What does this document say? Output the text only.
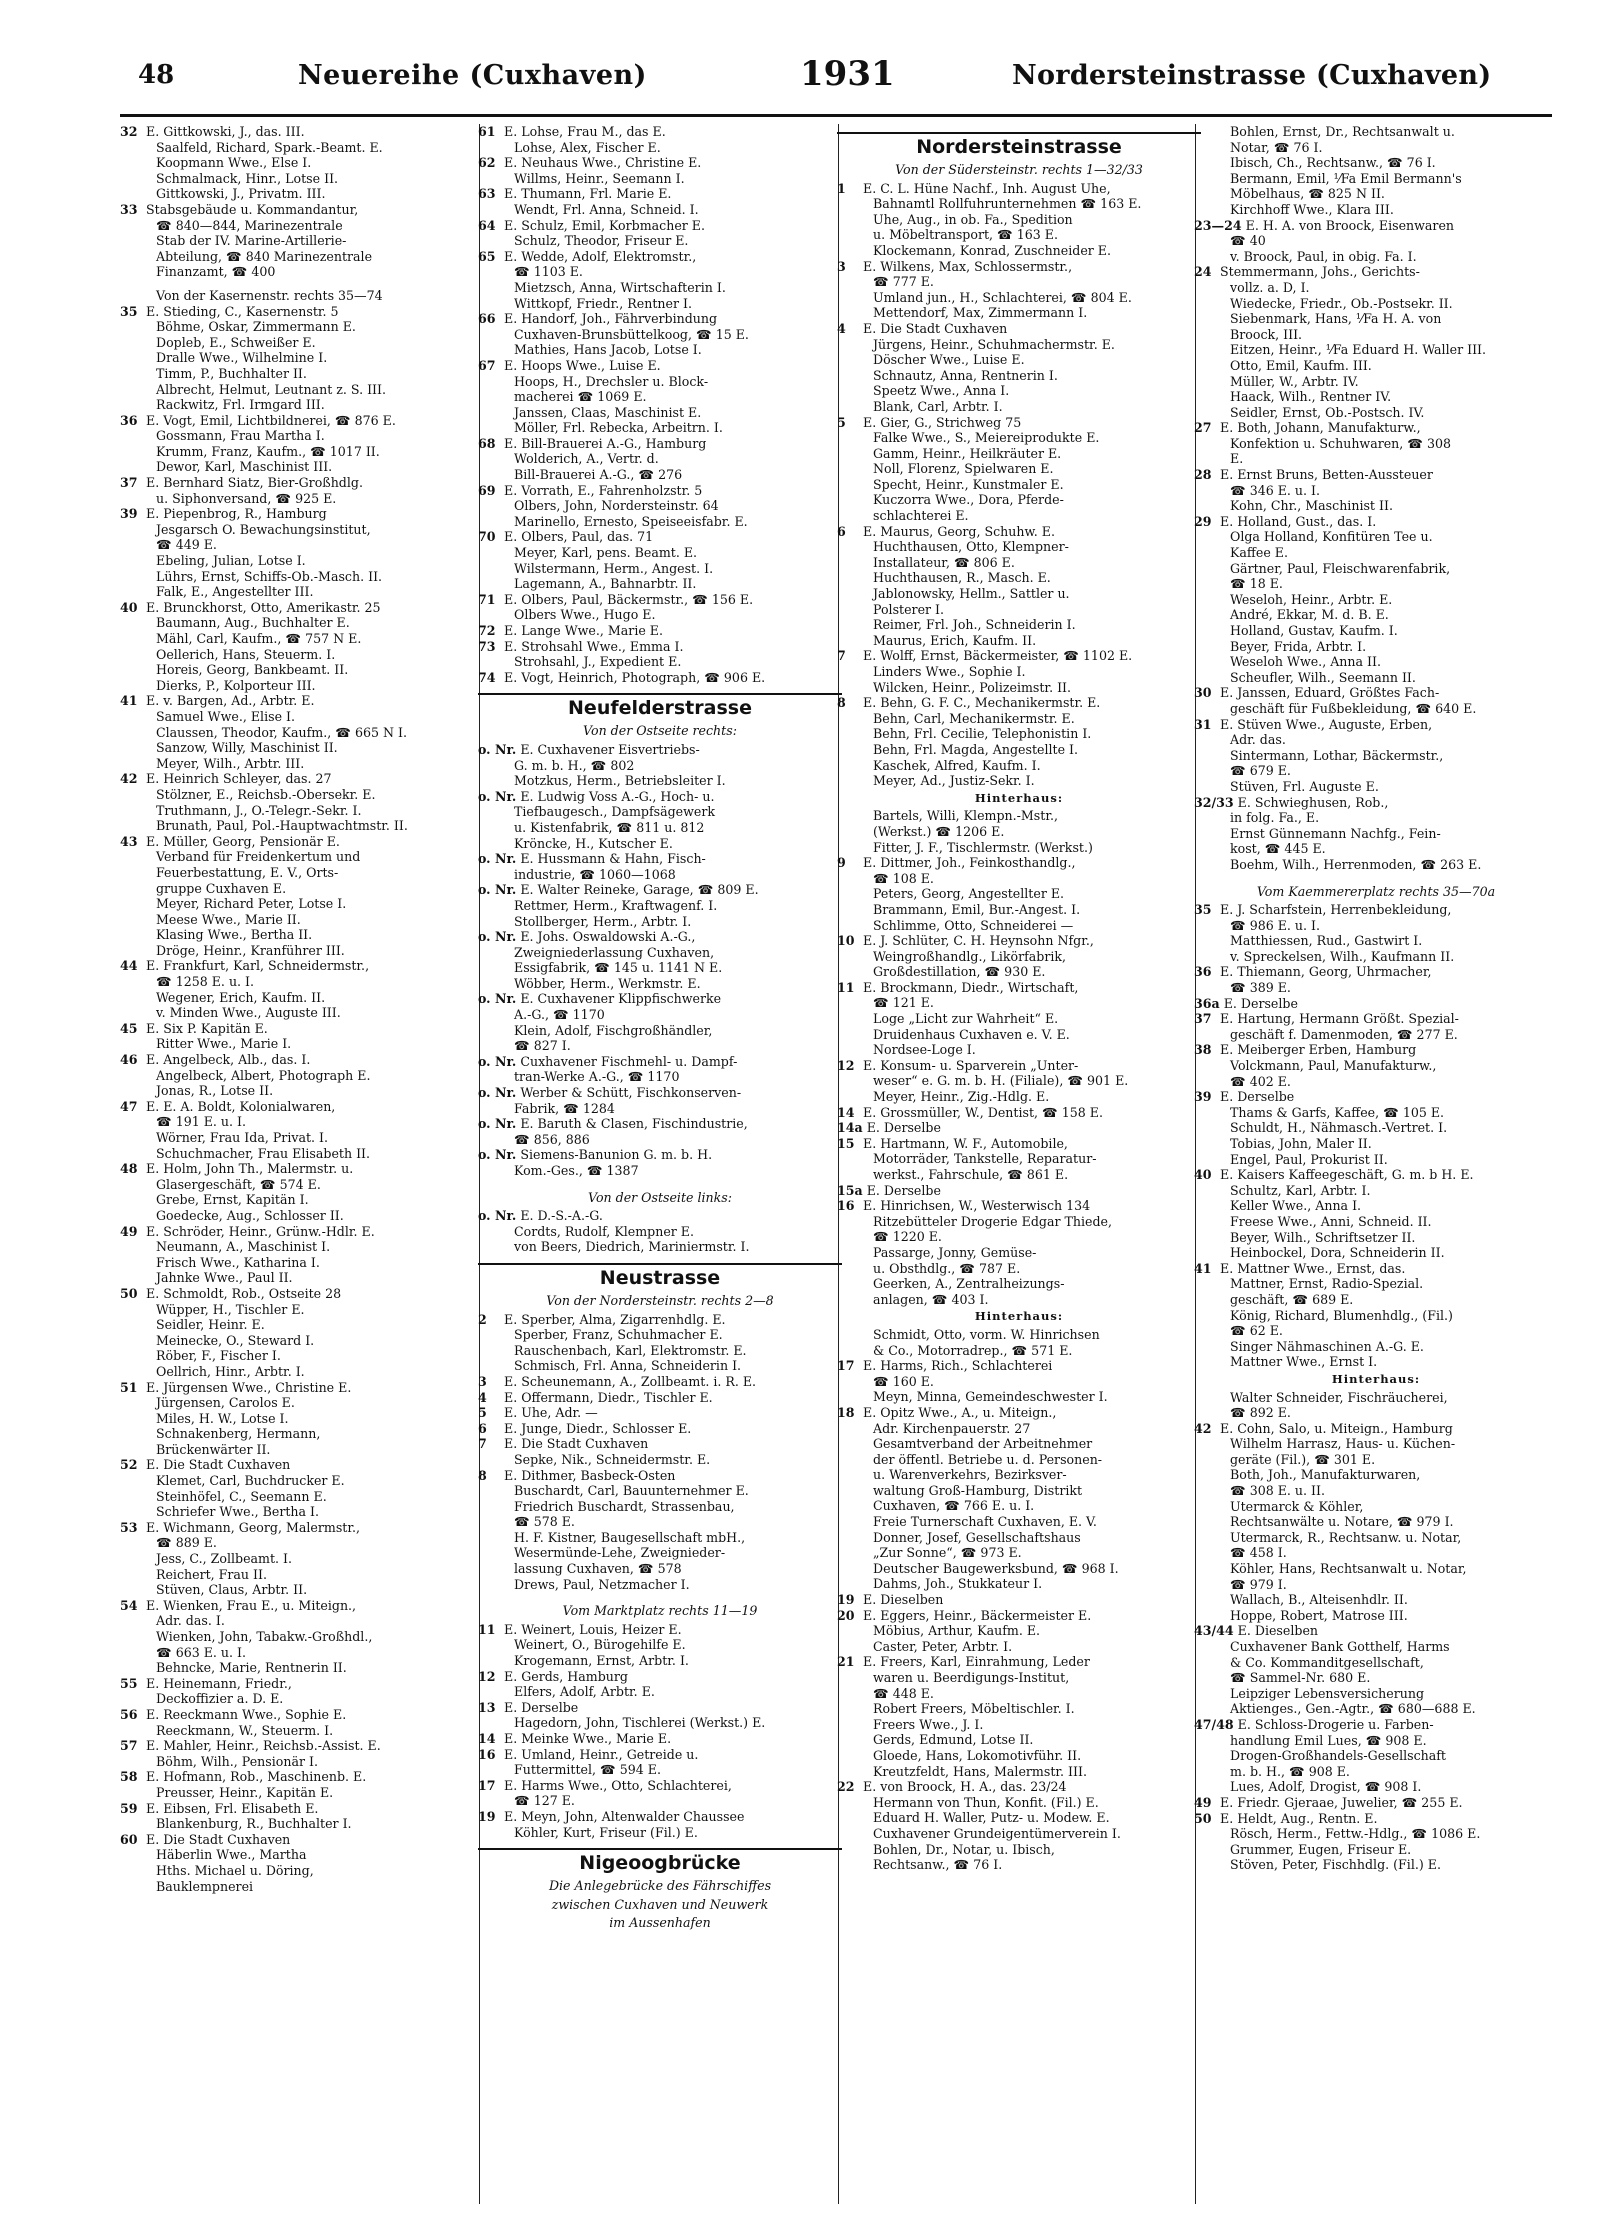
48	Neuereihe (Cuxhaven)	1931	Nordersteinstrasse (Cuxhaven)
32 E. Gittkowski, J., das. III.
Saalfeld, Richard, Spark.-Beamt. E.
Koopmann Wwe., Else I.
Schmalmack, Hinr., Lotse II.
Gittkowski, J., Privatm. III.
33 Stabsgebäude u. Kommandantur,
☎ 840—844, Marinezentrale
Stab der IV. Marine-Artillerie-
Abteilung, ☎ 840 Marinezentrale
Finanzamt, ☎ 400
Von der Kasernenstr. rechts 35—74
35 E. Stieding, C., Kasernenstr. 5
Böhme, Oskar, Zimmermann E.
Dopleb, E., Schweißer E.
Dralle Wwe., Wilhelmine I.
Timm, P., Buchhalter II.
Albrecht, Helmut, Leutnant z. S. III.
Rackwitz, Frl. Irmgard III.
36 E. Vogt, Emil, Lichtbildnerei, ☎ 876 E.
Gossmann, Frau Martha I.
Krumm, Franz, Kaufm., ☎ 1017 II.
Dewor, Karl, Maschinist III.
37 E. Bernhard Siatz, Bier-Großhdlg.
u. Siphonversand, ☎ 925 E.
39 E. Piepenbrog, R., Hamburg
Jesgarsch O. Bewachungsinstitut,
☎ 449 E.
Ebeling, Julian, Lotse I.
Lührs, Ernst, Schiffs-Ob.-Masch. II.
Falk, E., Angestellter III.
40 E. Brunckhorst, Otto, Amerikastr. 25
Baumann, Aug., Buchhalter E.
Mähl, Carl, Kaufm., ☎ 757 N E.
Oellerich, Hans, Steuerm. I.
Horeis, Georg, Bankbeamt. II.
Dierks, P., Kolporteur III.
41 E. v. Bargen, Ad., Arbtr. E.
Samuel Wwe., Elise I.
Claussen, Theodor, Kaufm., ☎ 665 N I.
Sanzow, Willy, Maschinist II.
Meyer, Wilh., Arbtr. III.
42 E. Heinrich Schleyer, das. 27
Stölzner, E., Reichsb.-Obersekr. E.
Truthmann, J., O.-Telegr.-Sekr. I.
Brunath, Paul, Pol.-Hauptwachtmstr. II.
43 E. Müller, Georg, Pensionär E.
Verband für Freidenkertum und
Feuerbestattung, E. V., Orts-
gruppe Cuxhaven E.
Meyer, Richard Peter, Lotse I.
Meese Wwe., Marie II.
Klasing Wwe., Bertha II.
Dröge, Heinr., Kranführer III.
44 E. Frankfurt, Karl, Schneidermstr.,
☎ 1258 E. u. I.
Wegener, Erich, Kaufm. II.
v. Minden Wwe., Auguste III.
45 E. Six P. Kapitän E.
Ritter Wwe., Marie I.
46 E. Angelbeck, Alb., das. I.
Angelbeck, Albert, Photograph E.
Jonas, R., Lotse II.
47 E. E. A. Boldt, Kolonialwaren,
☎ 191 E. u. I.
Wörner, Frau Ida, Privat. I.
Schuchmacher, Frau Elisabeth II.
48 E. Holm, John Th., Malermstr. u.
Glasergeschäft, ☎ 574 E.
Grebe, Ernst, Kapitän I.
Goedecke, Aug., Schlosser II.
49 E. Schröder, Heinr., Grünw.-Hdlr. E.
Neumann, A., Maschinist I.
Frisch Wwe., Katharina I.
Jahnke Wwe., Paul II.
50 E. Schmoldt, Rob., Ostseite 28
Wüpper, H., Tischler E.
Seidler, Heinr. E.
Meinecke, O., Steward I.
Röber, F., Fischer I.
Oellrich, Hinr., Arbtr. I.
51 E. Jürgensen Wwe., Christine E.
Jürgensen, Carolos E.
Miles, H. W., Lotse I.
Schnakenberg, Hermann,
Brückenwärter II.
52 E. Die Stadt Cuxhaven
Klemet, Carl, Buchdrucker E.
Steinhöfel, C., Seemann E.
Schriefer Wwe., Bertha I.
53 E. Wichmann, Georg, Malermstr.,
☎ 889 E.
Jess, C., Zollbeamt. I.
Reichert, Frau II.
Stüven, Claus, Arbtr. II.
54 E. Wienken, Frau E., u. Miteign.,
Adr. das. I.
Wienken, John, Tabakw.-Großhdl.,
☎ 663 E. u. I.
Behncke, Marie, Rentnerin II.
55 E. Heinemann, Friedr.,
Deckoffizier a. D. E.
56 E. Reeckmann Wwe., Sophie E.
Reeckmann, W., Steuerm. I.
57 E. Mahler, Heinr., Reichsb.-Assist. E.
Böhm, Wilh., Pensionär I.
58 E. Hofmann, Rob., Maschinenb. E.
Preusser, Heinr., Kapitän E.
59 E. Eibsen, Frl. Elisabeth E.
Blankenburg, R., Buchhalter I.
60 E. Die Stadt Cuxhaven
Häberlin Wwe., Martha
Hths. Michael u. Döring,
Bauklempnerei
61 E. Lohse, Frau M., das E.
Lohse, Alex, Fischer E.
62 E. Neuhaus Wwe., Christine E.
Willms, Heinr., Seemann I.
63 E. Thumann, Frl. Marie E.
Wendt, Frl. Anna, Schneid. I.
64 E. Schulz, Emil, Korbmacher E.
Schulz, Theodor, Friseur E.
65 E. Wedde, Adolf, Elektromstr.,
☎ 1103 E.
Mietzsch, Anna, Wirtschafterin I.
Wittkopf, Friedr., Rentner I.
66 E. Handorf, Joh., Fährverbindung
Cuxhaven-Brunsbüttelkoog, ☎ 15 E.
Mathies, Hans Jacob, Lotse I.
67 E. Hoops Wwe., Luise E.
Hoops, H., Drechsler u. Block-
macherei ☎ 1069 E.
Janssen, Claas, Maschinist E.
Möller, Frl. Rebecka, Arbeitrn. I.
68 E. Bill-Brauerei A.-G., Hamburg
Wolderich, A., Vertr. d.
Bill-Brauerei A.-G., ☎ 276
69 E. Vorrath, E., Fahrenholzstr. 5
Olbers, John, Nordersteinstr. 64
Marinello, Ernesto, Speiseeisfabr. E.
70 E. Olbers, Paul, das. 71
Meyer, Karl, pens. Beamt. E.
Wilstermann, Herm., Angest. I.
Lagemann, A., Bahnarbtr. II.
71 E. Olbers, Paul, Bäckermstr., ☎ 156 E.
Olbers Wwe., Hugo E.
72 E. Lange Wwe., Marie E.
73 E. Strohsahl Wwe., Emma I.
Strohsahl, J., Expedient E.
74 E. Vogt, Heinrich, Photograph, ☎ 906 E.
Neufelderstrasse
Von der Ostseite rechts:
o. Nr. E. Cuxhavener Eisvertriebs-
G. m. b. H., ☎ 802
Motzkus, Herm., Betriebsleiter I.
o. Nr. E. Ludwig Voss A.-G., Hoch- u.
Tiefbaugesch., Dampfsägewerk
u. Kistenfabrik, ☎ 811 u. 812
Kröncke, H., Kutscher E.
o. Nr. E. Hussmann & Hahn, Fisch-
industrie, ☎ 1060—1068
o. Nr. E. Walter Reineke, Garage, ☎ 809 E.
Rettmer, Herm., Kraftwagenf. I.
Stollberger, Herm., Arbtr. I.
o. Nr. E. Johs. Oswaldowski A.-G.,
Zweigniederlassung Cuxhaven,
Essigfabrik, ☎ 145 u. 1141 N E.
Wöbber, Herm., Werkmstr. E.
o. Nr. E. Cuxhavener Klippfischwerke
A.-G., ☎ 1170
Klein, Adolf, Fischgroßhändler,
☎ 827 I.
o. Nr. Cuxhavener Fischmehl- u. Dampf-
tran-Werke A.-G., ☎ 1170
o. Nr. Werber & Schütt, Fischkonserven-
Fabrik, ☎ 1284
o. Nr. E. Baruth & Clasen, Fischindustrie,
☎ 856, 886
o. Nr. Siemens-Banunion G. m. b. H.
Kom.-Ges., ☎ 1387
Von der Ostseite links:
o. Nr. E. D.-S.-A.-G.
Cordts, Rudolf, Klempner E.
von Beers, Diedrich, Mariniermstr. I.
Neustrasse
Von der Nordersteinstr. rechts 2—8
2 E. Sperber, Alma, Zigarrenhdlg. E.
Sperber, Franz, Schuhmacher E.
Rauschenbach, Karl, Elektromstr. E.
Schmisch, Frl. Anna, Schneiderin I.
3 E. Scheunemann, A., Zollbeamt. i. R. E.
4 E. Offermann, Diedr., Tischler E.
5 E. Uhe, Adr. —
6 E. Junge, Diedr., Schlosser E.
7 E. Die Stadt Cuxhaven
Sepke, Nik., Schneidermstr. E.
8 E. Dithmer, Basbeck-Osten
Buschardt, Carl, Bauunternehmer E.
Friedrich Buschardt, Strassenbau,
☎ 578 E.
H. F. Kistner, Baugesellschaft mbH.,
Wesermünde-Lehe, Zweignieder-
lassung Cuxhaven, ☎ 578
Drews, Paul, Netzmacher I.
Vom Marktplatz rechts 11—19
11 E. Weinert, Louis, Heizer E.
Weinert, O., Bürogehilfe E.
Krogemann, Ernst, Arbtr. I.
12 E. Gerds, Hamburg
Elfers, Adolf, Arbtr. E.
13 E. Derselbe
Hagedorn, John, Tischlerei (Werkst.) E.
14 E. Meinke Wwe., Marie E.
16 E. Umland, Heinr., Getreide u.
Futtermittel, ☎ 594 E.
17 E. Harms Wwe., Otto, Schlachterei,
☎ 127 E.
19 E. Meyn, John, Altenwalder Chaussee
Köhler, Kurt, Friseur (Fil.) E.
Nigeoogbrücke
Die Anlegebrücke des Fährschiffes
zwischen Cuxhaven und Neuwerk
im Aussenhafen
Nordersteinstrasse
Von der Südersteinstr. rechts 1—32/33
1 E. C. L. Hüne Nachf., Inh. August Uhe,
Bahnamtl Rollfuhrunternehmen ☎ 163 E.
Uhe, Aug., in ob. Fa., Spedition
u. Möbeltransport, ☎ 163 E.
Klockemann, Konrad, Zuschneider E.
3 E. Wilkens, Max, Schlossermstr.,
☎ 777 E.
Umland jun., H., Schlachterei, ☎ 804 E.
Mettendorf, Max, Zimmermann I.
4 E. Die Stadt Cuxhaven
Jürgens, Heinr., Schuhmachermstr. E.
Döscher Wwe., Luise E.
Schnautz, Anna, Rentnerin I.
Speetz Wwe., Anna I.
Blank, Carl, Arbtr. I.
5 E. Gier, G., Strichweg 75
Falke Wwe., S., Meiereiprodukte E.
Gamm, Heinr., Heilkräuter E.
Noll, Florenz, Spielwaren E.
Specht, Heinr., Kunstmaler E.
Kuczorra Wwe., Dora, Pferde-
schlachterei E.
6 E. Maurus, Georg, Schuhw. E.
Huchthausen, Otto, Klempner-
Installateur, ☎ 806 E.
Huchthausen, R., Masch. E.
Jablonowsky, Hellm., Sattler u.
Polsterer I.
Reimer, Frl. Joh., Schneiderin I.
Maurus, Erich, Kaufm. II.
7 E. Wolff, Ernst, Bäckermeister, ☎ 1102 E.
Linders Wwe., Sophie I.
Wilcken, Heinr., Polizeimstr. II.
8 E. Behn, G. F. C., Mechanikermstr. E.
Behn, Carl, Mechanikermstr. E.
Behn, Frl. Cecilie, Telephonistin I.
Behn, Frl. Magda, Angestellte I.
Kaschek, Alfred, Kaufm. I.
Meyer, Ad., Justiz-Sekr. I.
Hinterhaus:
Bartels, Willi, Klempn.-Mstr.,
(Werkst.) ☎ 1206 E.
Fitter, J. F., Tischlermstr. (Werkst.)
9 E. Dittmer, Joh., Feinkosthandlg.,
☎ 108 E.
Peters, Georg, Angestellter E.
Brammann, Emil, Bur.-Angest. I.
Schlimme, Otto, Schneiderei —
10 E. J. Schlüter, C. H. Heynsohn Nfgr.,
Weingroßhandlg., Likörfabrik,
Großdestillation, ☎ 930 E.
11 E. Brockmann, Diedr., Wirtschaft,
☎ 121 E.
Loge „Licht zur Wahrheit“ E.
Druidenhaus Cuxhaven e. V. E.
Nordsee-Loge I.
12 E. Konsum- u. Sparverein „Unter-
weser“ e. G. m. b. H. (Filiale), ☎ 901 E.
Meyer, Heinr., Zig.-Hdlg. E.
14 E. Grossmüller, W., Dentist, ☎ 158 E.
14a E. Derselbe
15 E. Hartmann, W. F., Automobile,
Motorräder, Tankstelle, Reparatur-
werkst., Fahrschule, ☎ 861 E.
15a E. Derselbe
16 E. Hinrichsen, W., Westerwisch 134
Ritzebütteler Drogerie Edgar Thiede,
☎ 1220 E.
Passarge, Jonny, Gemüse-
u. Obsthdlg., ☎ 787 E.
Geerken, A., Zentralheizungs-
anlagen, ☎ 403 I.
Hinterhaus:
Schmidt, Otto, vorm. W. Hinrichsen
& Co., Motorradrep., ☎ 571 E.
17 E. Harms, Rich., Schlachterei
☎ 160 E.
Meyn, Minna, Gemeindeschwester I.
18 E. Opitz Wwe., A., u. Miteign.,
Adr. Kirchenpauerstr. 27
Gesamtverband der Arbeitnehmer
der öffentl. Betriebe u. d. Personen-
u. Warenverkehrs, Bezirksver-
waltung Groß-Hamburg, Distrikt
Cuxhaven, ☎ 766 E. u. I.
Freie Turnerschaft Cuxhaven, E. V.
Donner, Josef, Gesellschaftshaus
„Zur Sonne“, ☎ 973 E.
Deutscher Baugewerksbund, ☎ 968 I.
Dahms, Joh., Stukkateur I.
19 E. Dieselben
20 E. Eggers, Heinr., Bäckermeister E.
Möbius, Arthur, Kaufm. E.
Caster, Peter, Arbtr. I.
21 E. Freers, Karl, Einrahmung, Leder
waren u. Beerdigungs-Institut,
☎ 448 E.
Robert Freers, Möbeltischler. I.
Freers Wwe., J. I.
Gerds, Edmund, Lotse II.
Gloede, Hans, Lokomotivführ. II.
Kreutzfeldt, Hans, Malermstr. III.
22 E. von Broock, H. A., das. 23/24
Hermann von Thun, Konfit. (Fil.) E.
Eduard H. Waller, Putz- u. Modew. E.
Cuxhavener Grundeigentümerverein I.
Bohlen, Dr., Notar, u. Ibisch,
Rechtsanw., ☎ 76 I.
Bohlen, Ernst, Dr., Rechtsanwalt u.
Notar, ☎ 76 I.
Ibisch, Ch., Rechtsanw., ☎ 76 I.
Bermann, Emil, ⅟Fa Emil Bermann's
Möbelhaus, ☎ 825 N II.
Kirchhoff Wwe., Klara III.
23—24 E. H. A. von Broock, Eisenwaren
☎ 40
v. Broock, Paul, in obig. Fa. I.
24 Stemmermann, Johs., Gerichts-
vollz. a. D, I.
Wiedecke, Friedr., Ob.-Postsekr. II.
Siebenmark, Hans, ⅟Fa H. A. von
Broock, III.
Eitzen, Heinr., ⅟Fa Eduard H. Waller III.
Otto, Emil, Kaufm. III.
Müller, W., Arbtr. IV.
Haack, Wilh., Rentner IV.
Seidler, Ernst, Ob.-Postsch. IV.
27 E. Both, Johann, Manufakturw.,
Konfektion u. Schuhwaren, ☎ 308
E.
28 E. Ernst Bruns, Betten-Aussteuer
☎ 346 E. u. I.
Kohn, Chr., Maschinist II.
29 E. Holland, Gust., das. I.
Olga Holland, Konfitüren Tee u.
Kaffee E.
Gärtner, Paul, Fleischwarenfabrik,
☎ 18 E.
Weseloh, Heinr., Arbtr. E.
André, Ekkar, M. d. B. E.
Holland, Gustav, Kaufm. I.
Beyer, Frida, Arbtr. I.
Weseloh Wwe., Anna II.
Scheufler, Wilh., Seemann II.
30 E. Janssen, Eduard, Größtes Fach-
geschäft für Fußbekleidung, ☎ 640 E.
31 E. Stüven Wwe., Auguste, Erben,
Adr. das.
Sintermann, Lothar, Bäckermstr.,
☎ 679 E.
Stüven, Frl. Auguste E.
32/33 E. Schwieghusen, Rob.,
in folg. Fa., E.
Ernst Günnemann Nachfg., Fein-
kost, ☎ 445 E.
Boehm, Wilh., Herrenmoden, ☎ 263 E.
Vom Kaemmererplatz rechts 35—70a
35 E. J. Scharfstein, Herrenbekleidung,
☎ 986 E. u. I.
Matthiessen, Rud., Gastwirt I.
v. Spreckelsen, Wilh., Kaufmann II.
36 E. Thiemann, Georg, Uhrmacher,
☎ 389 E.
36a E. Derselbe
37 E. Hartung, Hermann Größt. Spezial-
geschäft f. Damenmoden, ☎ 277 E.
38 E. Meiberger Erben, Hamburg
Volckmann, Paul, Manufakturw.,
☎ 402 E.
39 E. Derselbe
Thams & Garfs, Kaffee, ☎ 105 E.
Schuldt, H., Nähmasch.-Vertret. I.
Tobias, John, Maler II.
Engel, Paul, Prokurist II.
40 E. Kaisers Kaffeegeschäft, G. m. b H. E.
Schultz, Karl, Arbtr. I.
Keller Wwe., Anna I.
Freese Wwe., Anni, Schneid. II.
Beyer, Wilh., Schriftsetzer II.
Heinbockel, Dora, Schneiderin II.
41 E. Mattner Wwe., Ernst, das.
Mattner, Ernst, Radio-Spezial.
geschäft, ☎ 689 E.
König, Richard, Blumenhdlg., (Fil.)
☎ 62 E.
Singer Nähmaschinen A.-G. E.
Mattner Wwe., Ernst I.
Hinterhaus:
Walter Schneider, Fischräucherei,
☎ 892 E.
42 E. Cohn, Salo, u. Miteign., Hamburg
Wilhelm Harrasz, Haus- u. Küchen-
geräte (Fil.), ☎ 301 E.
Both, Joh., Manufakturwaren,
☎ 308 E. u. II.
Utermarck & Köhler,
Rechtsanwälte u. Notare, ☎ 979 I.
Utermarck, R., Rechtsanw. u. Notar,
☎ 458 I.
Köhler, Hans, Rechtsanwalt u. Notar,
☎ 979 I.
Wallach, B., Alteisenhdlr. II.
Hoppe, Robert, Matrose III.
43/44 E. Dieselben
Cuxhavener Bank Gotthelf, Harms
& Co. Kommanditgesellschaft,
☎ Sammel-Nr. 680 E.
Leipziger Lebensversicherung
Aktienges., Gen.-Agtr., ☎ 680—688 E.
47/48 E. Schloss-Drogerie u. Farben-
handlung Emil Lues, ☎ 908 E.
Drogen-Großhandels-Gesellschaft
m. b. H., ☎ 908 E.
Lues, Adolf, Drogist, ☎ 908 I.
49 E. Friedr. Gjeraae, Juwelier, ☎ 255 E.
50 E. Heldt, Aug., Rentn. E.
Rösch, Herm., Fettw.-Hdlg., ☎ 1086 E.
Grummer, Eugen, Friseur E.
Stöven, Peter, Fischhdlg. (Fil.) E.
